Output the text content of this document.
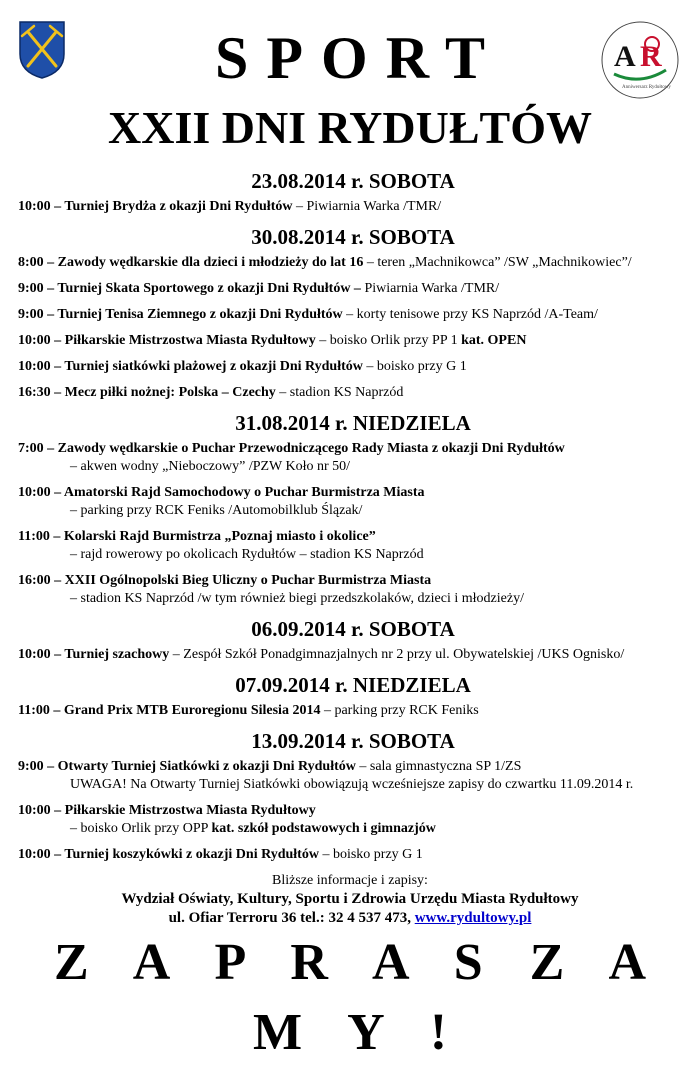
A R
Anniwersarz Rydułtowy
SPORT
XXII DNI RYDUŁTÓW
23.08.2014 r. SOBOTA

10:00 – Turniej Brydża z okazji Dni Rydułtów – Piwiarnia Warka /TMR/

30.08.2014 r. SOBOTA

8:00 – Zawody wędkarskie dla dzieci i młodzieży do lat 16 – teren „Machnikowca” /SW „Machnikowiec”/

9:00 – Turniej Skata Sportowego z okazji Dni Rydułtów – Piwiarnia Warka /TMR/

9:00 – Turniej Tenisa Ziemnego z okazji Dni Rydułtów – korty tenisowe przy KS Naprzód /A-Team/

10:00 – Piłkarskie Mistrzostwa Miasta Rydułtowy – boisko Orlik przy PP 1 kat. OPEN

10:00 – Turniej siatkówki plażowej z okazji Dni Rydułtów – boisko przy G 1

16:30 – Mecz piłki nożnej: Polska – Czechy – stadion KS Naprzód

31.08.2014 r. NIEDZIELA

7:00 – Zawody wędkarskie o Puchar Przewodniczącego Rady Miasta z okazji Dni Rydułtów
– akwen wodny „Nieboczowy” /PZW Koło nr 50/

10:00 – Amatorski Rajd Samochodowy o Puchar Burmistrza Miasta
– parking przy RCK Feniks /Automobilklub Ślązak/

11:00 – Kolarski Rajd Burmistrza „Poznaj miasto i okolice”
– rajd rowerowy po okolicach Rydułtów – stadion KS Naprzód

16:00 – XXII Ogólnopolski Bieg Uliczny o Puchar Burmistrza Miasta
– stadion KS Naprzód /w tym również biegi przedszkolaków, dzieci i młodzieży/

06.09.2014 r. SOBOTA

10:00 – Turniej szachowy – Zespół Szkół Ponadgimnazjalnych nr 2 przy ul. Obywatelskiej /UKS Ognisko/

07.09.2014 r. NIEDZIELA

11:00 – Grand Prix MTB Euroregionu Silesia 2014 – parking przy RCK Feniks

13.09.2014 r. SOBOTA

9:00 – Otwarty Turniej Siatkówki z okazji Dni Rydułtów – sala gimnastyczna SP 1/ZS
UWAGA! Na Otwarty Turniej Siatkówki obowiązują wcześniejsze zapisy do czwartku 11.09.2014 r.

10:00 – Piłkarskie Mistrzostwa Miasta Rydułtowy
– boisko Orlik przy OPP kat. szkół podstawowych i gimnazjów

10:00 – Turniej koszykówki z okazji Dni Rydułtów – boisko przy G 1

Bliższe informacje i zapisy:

Wydział Oświaty, Kultury, Sportu i Zdrowia Urzędu Miasta Rydułtowy

ul. Ofiar Terroru 36 tel.: 32 4 537 473, www.rydultowy.pl

Z A P R A S Z A M Y !
